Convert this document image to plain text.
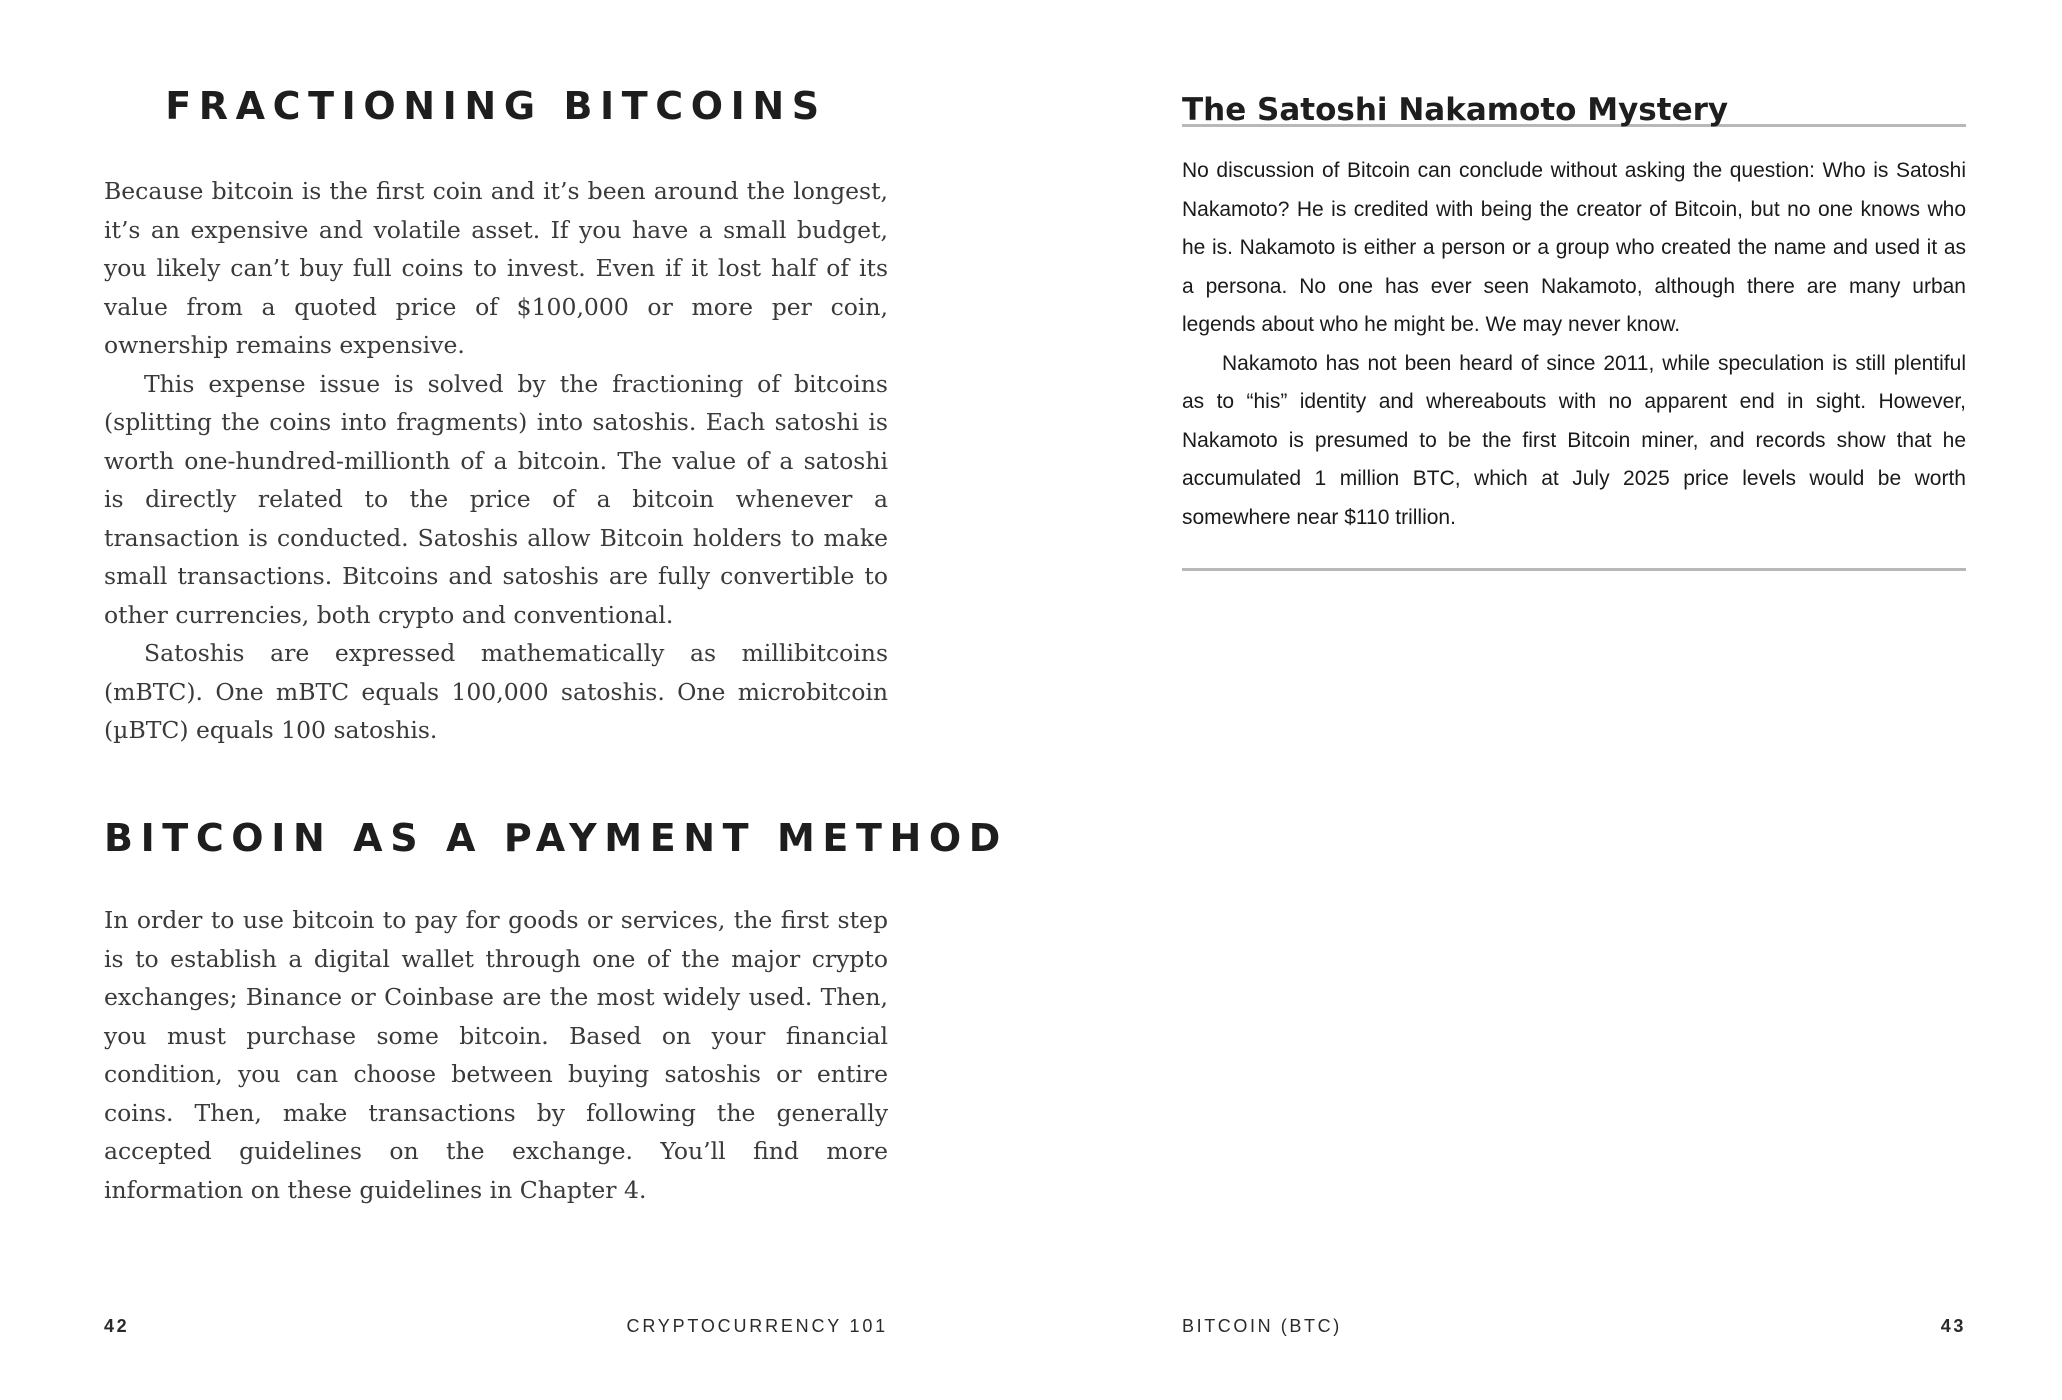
FRACTIONING BITCOINS

Because bitcoin is the first coin and it’s been around the longest, it’s an expensive and volatile asset. If you have a small budget, you likely can’t buy full coins to invest. Even if it lost half of its value from a quoted price of $100,000 or more per coin, ownership remains expensive.

This expense issue is solved by the fractioning of bitcoins (splitting the coins into fragments) into satoshis. Each satoshi is worth one-hundred-millionth of a bitcoin. The value of a satoshi is directly related to the price of a bitcoin whenever a transaction is conducted. Satoshis allow Bitcoin holders to make small transactions. Bitcoins and satoshis are fully convertible to other currencies, both crypto and conventional.

Satoshis are expressed mathematically as millibitcoins (mBTC). One mBTC equals 100,000 satoshis. One microbitcoin (µBTC) equals 100 satoshis.

BITCOIN AS A PAYMENT METHOD

In order to use bitcoin to pay for goods or services, the first step is to establish a digital wallet through one of the major crypto exchanges; Binance or Coinbase are the most widely used. Then, you must purchase some bitcoin. Based on your financial condition, you can choose between buying satoshis or entire coins. Then, make transactions by following the generally accepted guidelines on the exchange. You’ll find more information on these guidelines in Chapter 4.

42	CRYPTOCURRENCY 101
The Satoshi Nakamoto Mystery

No discussion of Bitcoin can conclude without asking the question: Who is Satoshi Nakamoto? He is credited with being the creator of Bitcoin, but no one knows who he is. Nakamoto is either a person or a group who created the name and used it as a persona. No one has ever seen Nakamoto, although there are many urban legends about who he might be. We may never know.

Nakamoto has not been heard of since 2011, while speculation is still plentiful as to “his” identity and whereabouts with no apparent end in sight. However, Nakamoto is presumed to be the first Bitcoin miner, and records show that he accumulated 1 million BTC, which at July 2025 price levels would be worth somewhere near $110 trillion.

BITCOIN (BTC)	43
